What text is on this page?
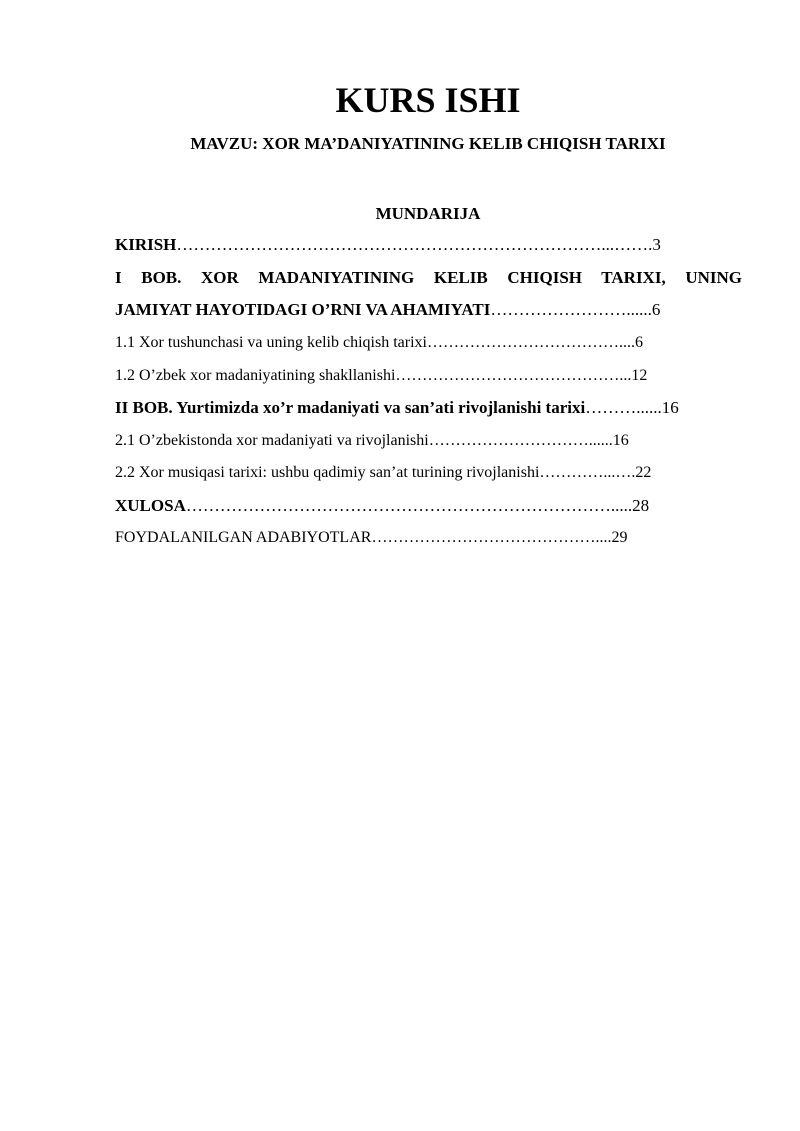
KURS ISHI
MAVZU: XOR MA’DANIYATINING KELIB CHIQISH TARIXI
MUNDARIJA
KIRISH…………………………………………………………………...…….3
I BOB. XOR MADANIYATINING KELIB CHIQISH TARIXI, UNING
JAMIYAT HAYOTIDAGI O’RNI VA AHAMIYATI……………………......6
1.1 Xor tushunchasi va uning kelib chiqish tarixi………………………………....6
1.2 O’zbek xor madaniyatining shakllanishi……………………………………...12
II BOB. Yurtimizda xo’r madaniyati va san’ati rivojlanishi tarixi………......16
2.1 O’zbekistonda xor madaniyati va rivojlanishi…………………………......16
2.2 Xor musiqasi tarixi: ushbu qadimiy san’at turining rivojlanishi…………...….22
XULOSA………………………………………………………………….....28
FOYDALANILGAN ADABIYOTLAR……………………………………....29
